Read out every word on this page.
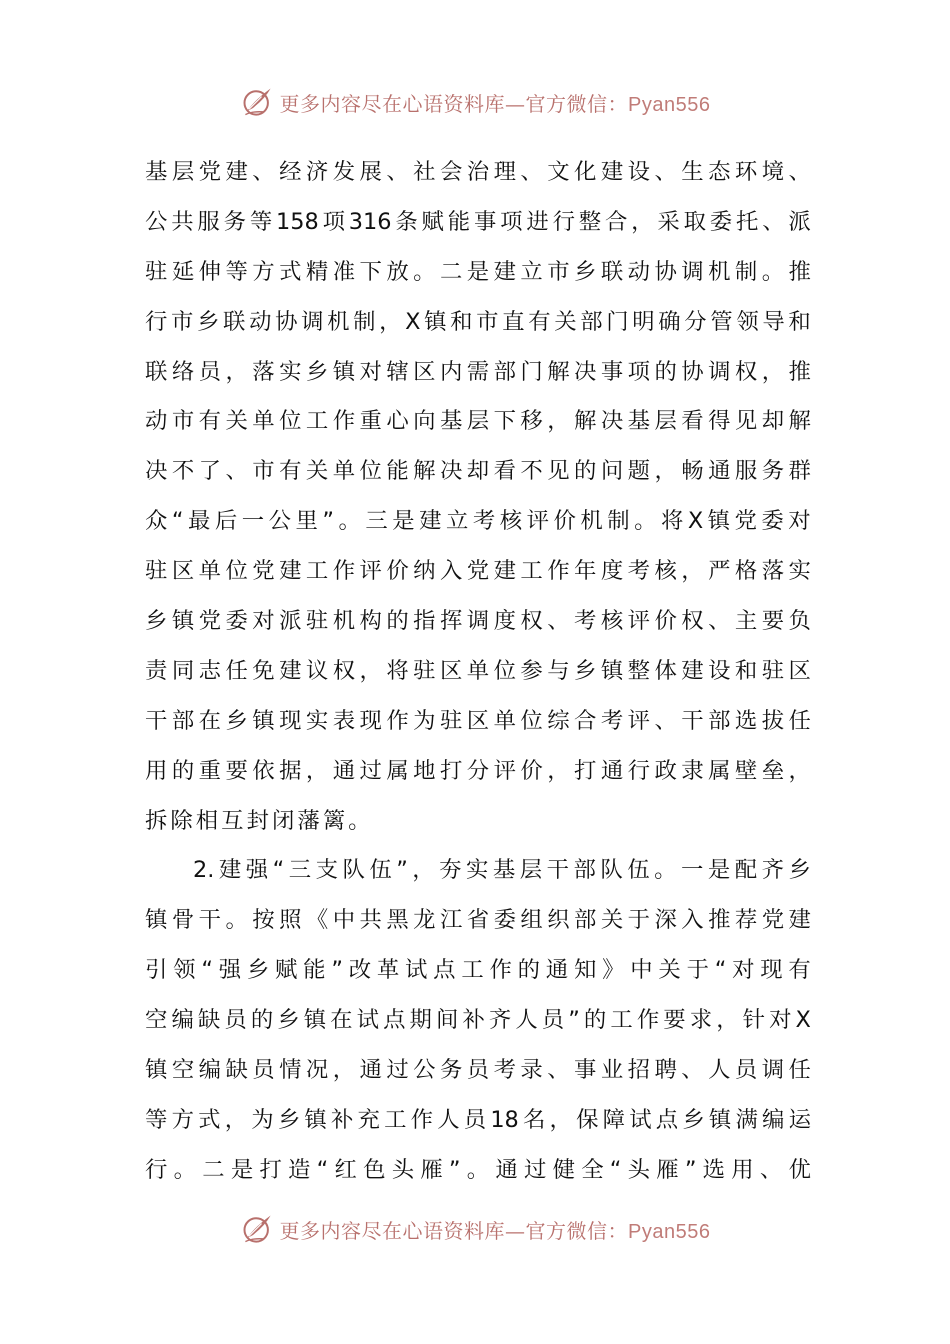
更多内容尽在心语资料库—官方微信：Pyan556
基 层 党 建 、 经 济 发 展 、 社 会 治 理 、 文 化 建 设 、 生 态 环 境 、
公 共 服 务 等 158 项 316 条 赋 能 事 项 进 行 整 合 ， 采 取 委 托 、 派
驻 延 伸 等 方 式 精 准 下 放 。 二 是 建 立 市 乡 联 动 协 调 机 制 。 推
行 市 乡 联 动 协 调 机 制 ， X 镇 和 市 直 有 关 部 门 明 确 分 管 领 导 和
联 络 员 ， 落 实 乡 镇 对 辖 区 内 需 部 门 解 决 事 项 的 协 调 权 ， 推
动 市 有 关 单 位 工 作 重 心 向 基 层 下 移 ， 解 决 基 层 看 得 见 却 解
决 不 了 、 市 有 关 单 位 能 解 决 却 看 不 见 的 问 题 ， 畅 通 服 务 群
众 “ 最 后 一 公 里 ” 。 三 是 建 立 考 核 评 价 机 制 。 将 X 镇 党 委 对
驻 区 单 位 党 建 工 作 评 价 纳 入 党 建 工 作 年 度 考 核 ， 严 格 落 实
乡 镇 党 委 对 派 驻 机 构 的 指 挥 调 度 权 、 考 核 评 价 权 、 主 要 负
责 同 志 任 免 建 议 权 ， 将 驻 区 单 位 参 与 乡 镇 整 体 建 设 和 驻 区
干 部 在 乡 镇 现 实 表 现 作 为 驻 区 单 位 综 合 考 评 、 干 部 选 拔 任
用 的 重 要 依 据 ， 通 过 属 地 打 分 评 价 ， 打 通 行 政 隶 属 壁 垒 ，
拆 除 相 互 封 闭 藩 篱 。
2. 建 强 “ 三 支 队 伍 ” ， 夯 实 基 层 干 部 队 伍 。 一 是 配 齐 乡
镇 骨 干 。 按 照 《 中 共 黑 龙 江 省 委 组 织 部 关 于 深 入 推 荐 党 建
引 领 “ 强 乡 赋 能 ” 改 革 试 点 工 作 的 通 知 》 中 关 于 “ 对 现 有
空 编 缺 员 的 乡 镇 在 试 点 期 间 补 齐 人 员 ” 的 工 作 要 求 ， 针 对 X
镇 空 编 缺 员 情 况 ， 通 过 公 务 员 考 录 、 事 业 招 聘 、 人 员 调 任
等 方 式 ， 为 乡 镇 补 充 工 作 人 员 18 名 ， 保 障 试 点 乡 镇 满 编 运
行 。 二 是 打 造 “ 红 色 头 雁 ” 。 通 过 健 全 “ 头 雁 ” 选 用 、 优
更多内容尽在心语资料库—官方微信：Pyan556
